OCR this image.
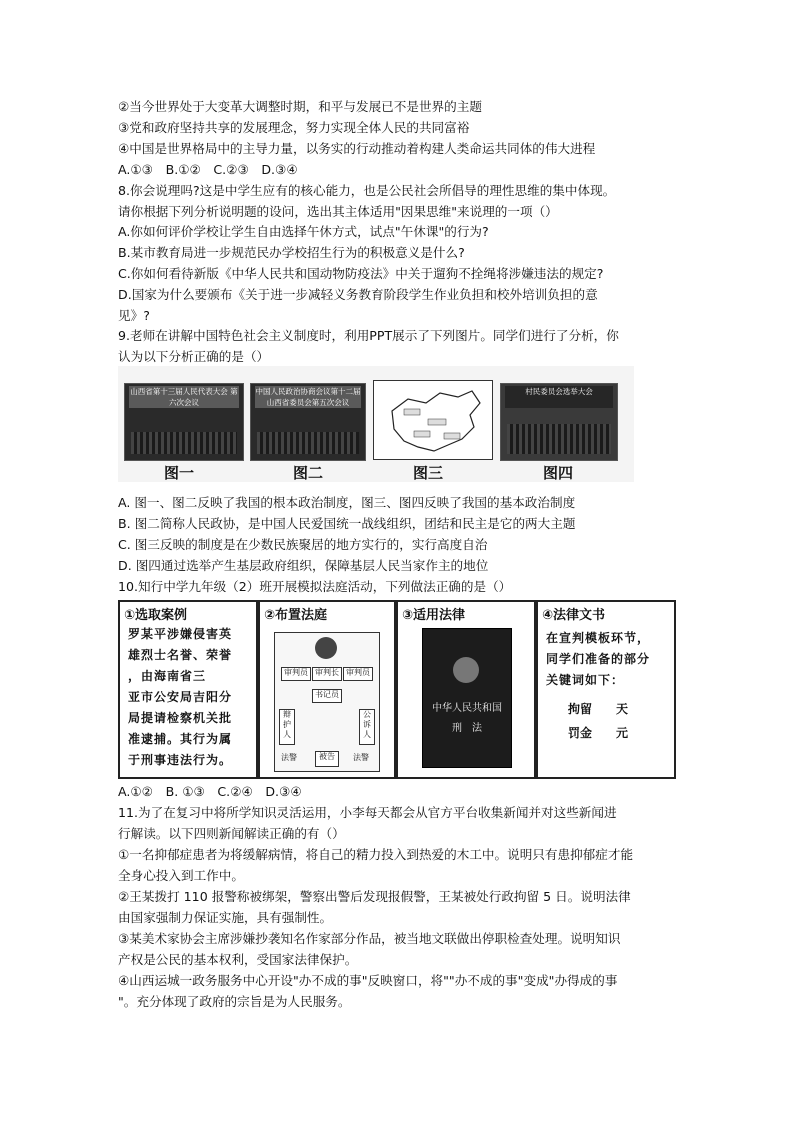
②当今世界处于大变革大调整时期，和平与发展已不是世界的主题
③党和政府坚持共享的发展理念，努力实现全体人民的共同富裕
④中国是世界格局中的主导力量，以务实的行动推动着构建人类命运共同体的伟大进程
A.①③　B.①②　C.②③　D.③④
8.你会说理吗?这是中学生应有的核心能力，也是公民社会所倡导的理性思维的集中体现。
请你根据下列分析说明题的设问，选出其主体适用"因果思维"来说理的一项（）
A.你如何评价学校让学生自由选择午休方式，试点"午休课"的行为?
B.某市教育局进一步规范民办学校招生行为的积极意义是什么?
C.你如何看待新版《中华人民共和国动物防疫法》中关于遛狗不拴绳将涉嫌违法的规定?
D.国家为什么要颁布《关于进一步减轻义务教育阶段学生作业负担和校外培训负担的意
见》?
9.老师在讲解中国特色社会主义制度时，利用PPT展示了下列图片。同学们进行了分析，你
认为以下分析正确的是（）
山西省第十三届人民代表大会 第六次会议
中国人民政治协商会议第十二届 山西省委员会第五次会议
村民委员会选举大会
图一	图二	图三	图四
A. 图一、图二反映了我国的根本政治制度，图三、图四反映了我国的基本政治制度
B. 图二简称人民政协，是中国人民爱国统一战线组织，团结和民主是它的两大主题
C. 图三反映的制度是在少数民族聚居的地方实行的，实行高度自治
D. 图四通过选举产生基层政府组织，保障基层人民当家作主的地位
10.知行中学九年级（2）班开展模拟法庭活动，下列做法正确的是（）
①选取案例
罗某平涉嫌侵害英
雄烈士名誉、荣誉
，由海南省三
亚市公安局吉阳分
局提请检察机关批
准逮捕。其行为属
于刑事违法行为。
②布置法庭
审判员 审判长 审判员
书记员
辩护人
公诉人
法警	被告	法警
③适用法律
中华人民共和国
刑　法
④法律文书
在宣判模板环节，
同学们准备的部分
关键词如下：
拘留　　天
罚金　　元
A.①②　B. ①③　C.②④　D.③④
11.为了在复习中将所学知识灵活运用，小李每天都会从官方平台收集新闻并对这些新闻进
行解读。以下四则新闻解读正确的有（）
①一名抑郁症患者为将缓解病情，将自己的精力投入到热爱的木工中。说明只有患抑郁症才能
全身心投入到工作中。
②王某拨打 110 报警称被绑架，警察出警后发现报假警，王某被处行政拘留 5 日。说明法律
由国家强制力保证实施，具有强制性。
③某美术家协会主席涉嫌抄袭知名作家部分作品，被当地文联做出停职检查处理。说明知识
产权是公民的基本权利，受国家法律保护。
④山西运城一政务服务中心开设"办不成的事"反映窗口，将""办不成的事"变成"办得成的事
"。充分体现了政府的宗旨是为人民服务。
